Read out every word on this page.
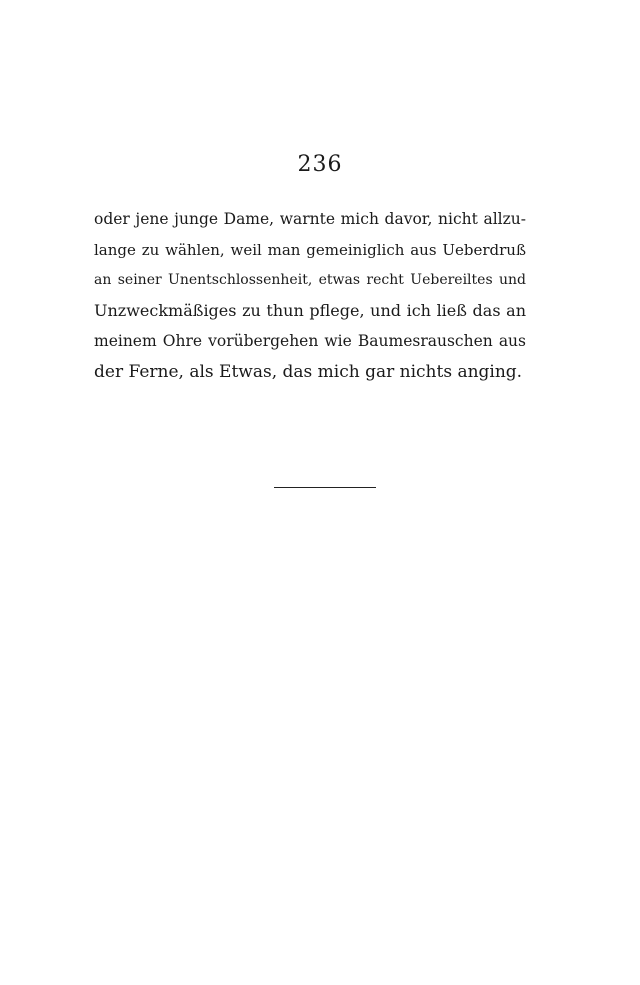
236
oder jene junge Dame, warnte mich davor, nicht allzu-
lange zu wählen, weil man gemeiniglich aus Ueberdruß
an seiner Unentschlossenheit, etwas recht Uebereiltes und
Unzweckmäßiges zu thun pflege, und ich ließ das an
meinem Ohre vorübergehen wie Baumesrauschen aus
der Ferne, als Etwas, das mich gar nichts anging.
